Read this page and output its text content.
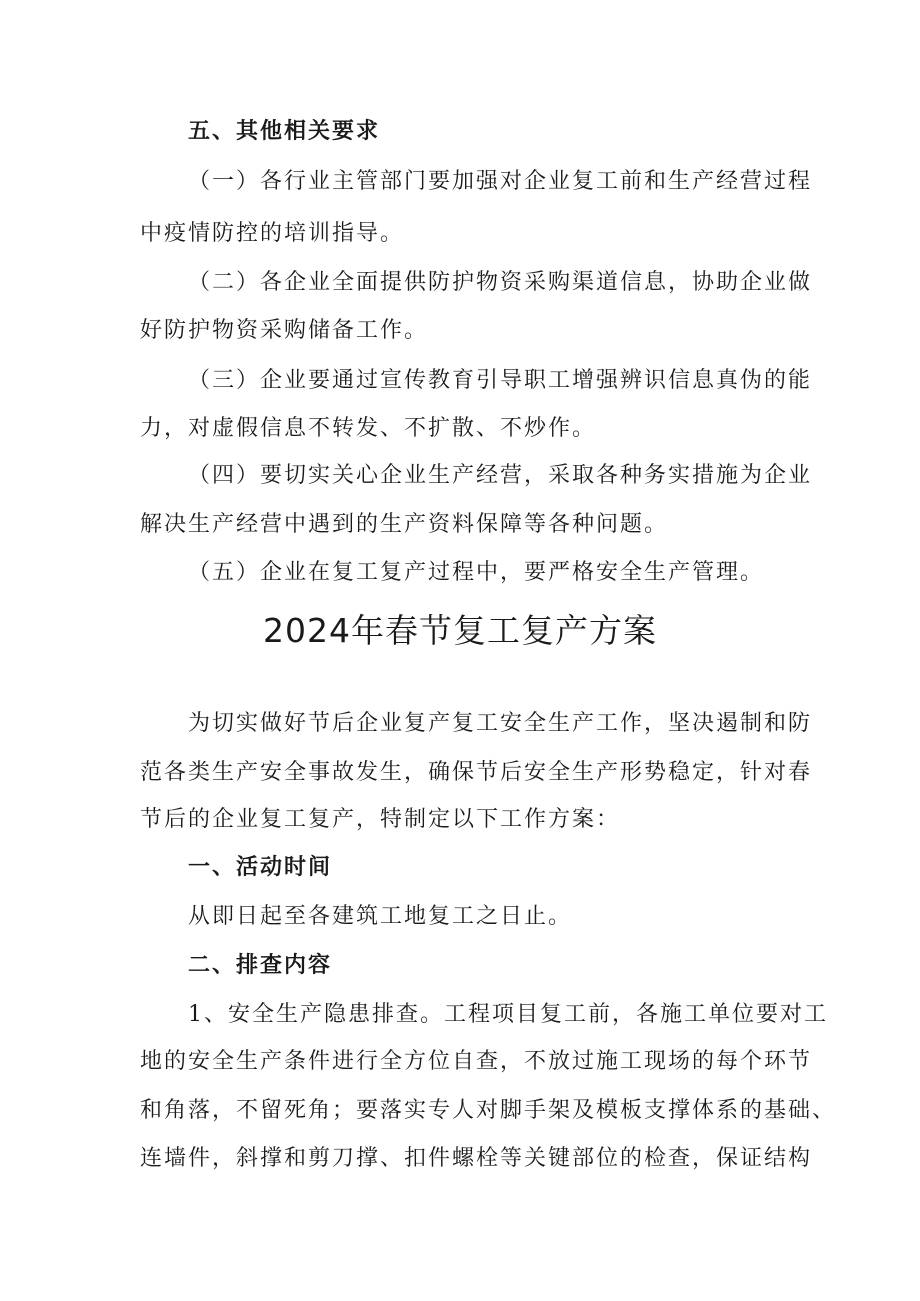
五、其他相关要求
（一）各行业主管部门要加强对企业复工前和生产经营过程
中疫情防控的培训指导。
（二）各企业全面提供防护物资采购渠道信息，协助企业做
好防护物资采购储备工作。
（三）企业要通过宣传教育引导职工增强辨识信息真伪的能
力，对虚假信息不转发、不扩散、不炒作。
（四）要切实关心企业生产经营，采取各种务实措施为企业
解决生产经营中遇到的生产资料保障等各种问题。
（五）企业在复工复产过程中，要严格安全生产管理。
2024年春节复工复产方案
为切实做好节后企业复产复工安全生产工作，坚决遏制和防
范各类生产安全事故发生，确保节后安全生产形势稳定，针对春
节后的企业复工复产，特制定以下工作方案：
一、活动时间
从即日起至各建筑工地复工之日止。
二、排查内容
1、安全生产隐患排查。工程项目复工前，各施工单位要对工
地的安全生产条件进行全方位自查，不放过施工现场的每个环节
和角落，不留死角；要落实专人对脚手架及模板支撑体系的基础、
连墙件，斜撑和剪刀撑、扣件螺栓等关键部位的检查，保证结构
